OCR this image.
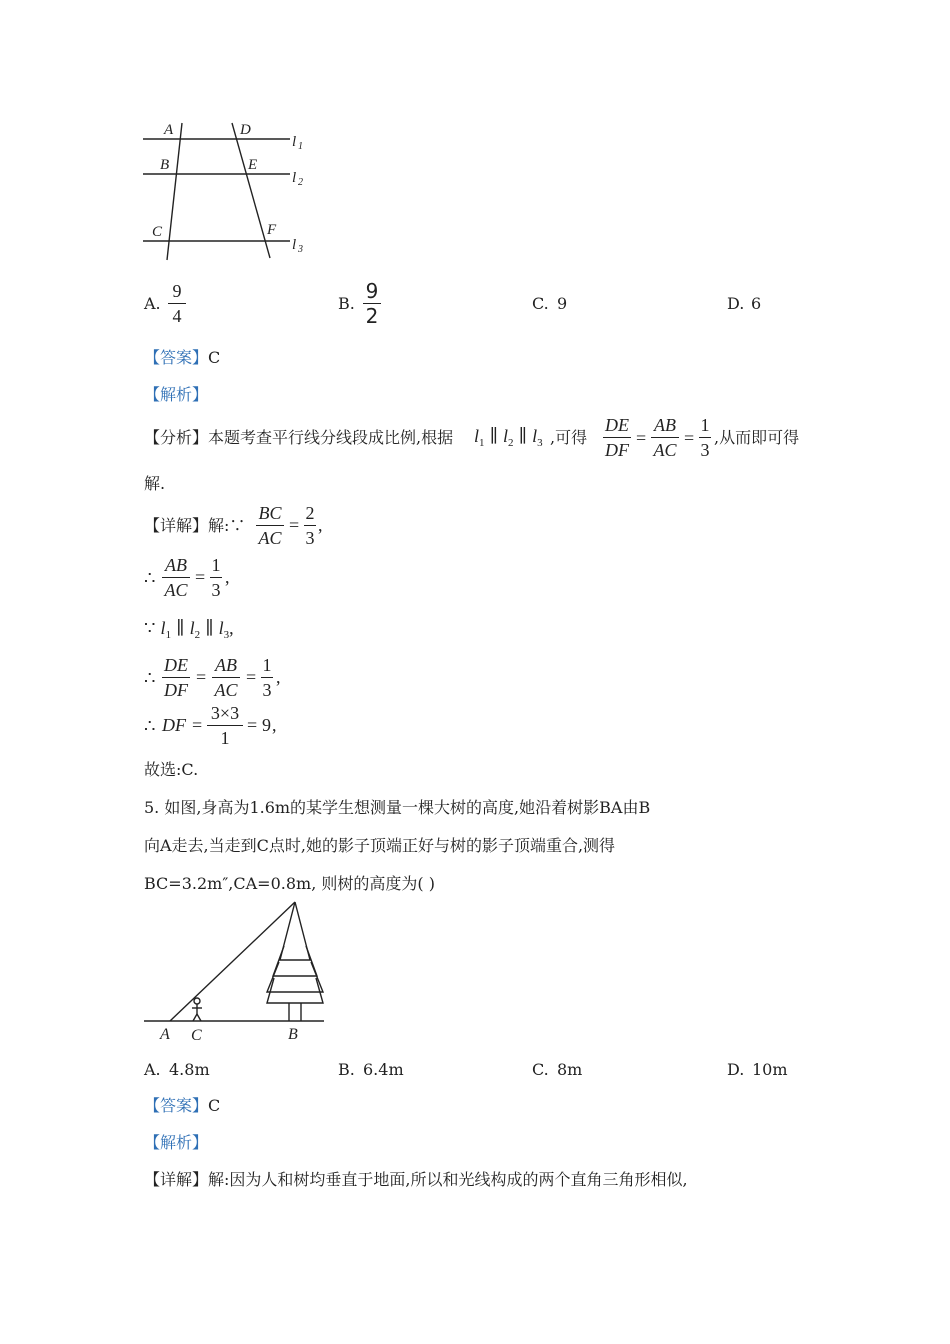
A	D
B	E
C	F
l 1
l 2
l 3
A.
9
4
B.
9
2
C. 9	D. 6
【答案】C
【解析】
【分析】本题考查平行线分线段成比例,根据 $l_1$ ∥ $l_2$ ∥ $l_3$ ,可得
DE
DF
=
AB
AC
=
1
3
,从而即可得
解.
【详解】解:∵
BC
AC
=
2
3
,
∴
AB
AC
=
1
3
,
∵ $l_1$ ∥ $l_2$ ∥ $l_3$,
∴
DE
DF
=
AB
AC
=
1
3
,
∴ DF =
3×3
1
= 9 ,
故选:C.
5. 如图,身高为1.6m的某学生想测量一棵大树的高度,她沿着树影BA由B
向A走去,当走到C点时,她的影子顶端正好与树的影子顶端重合,测得
BC=3.2m″,CA=0.8m, 则树的高度为( )
A C	B
A. 4.8m	B. 6.4m	C. 8m	D. 10m
【答案】C
【解析】
【详解】解:因为人和树均垂直于地面,所以和光线构成的两个直角三角形相似,
